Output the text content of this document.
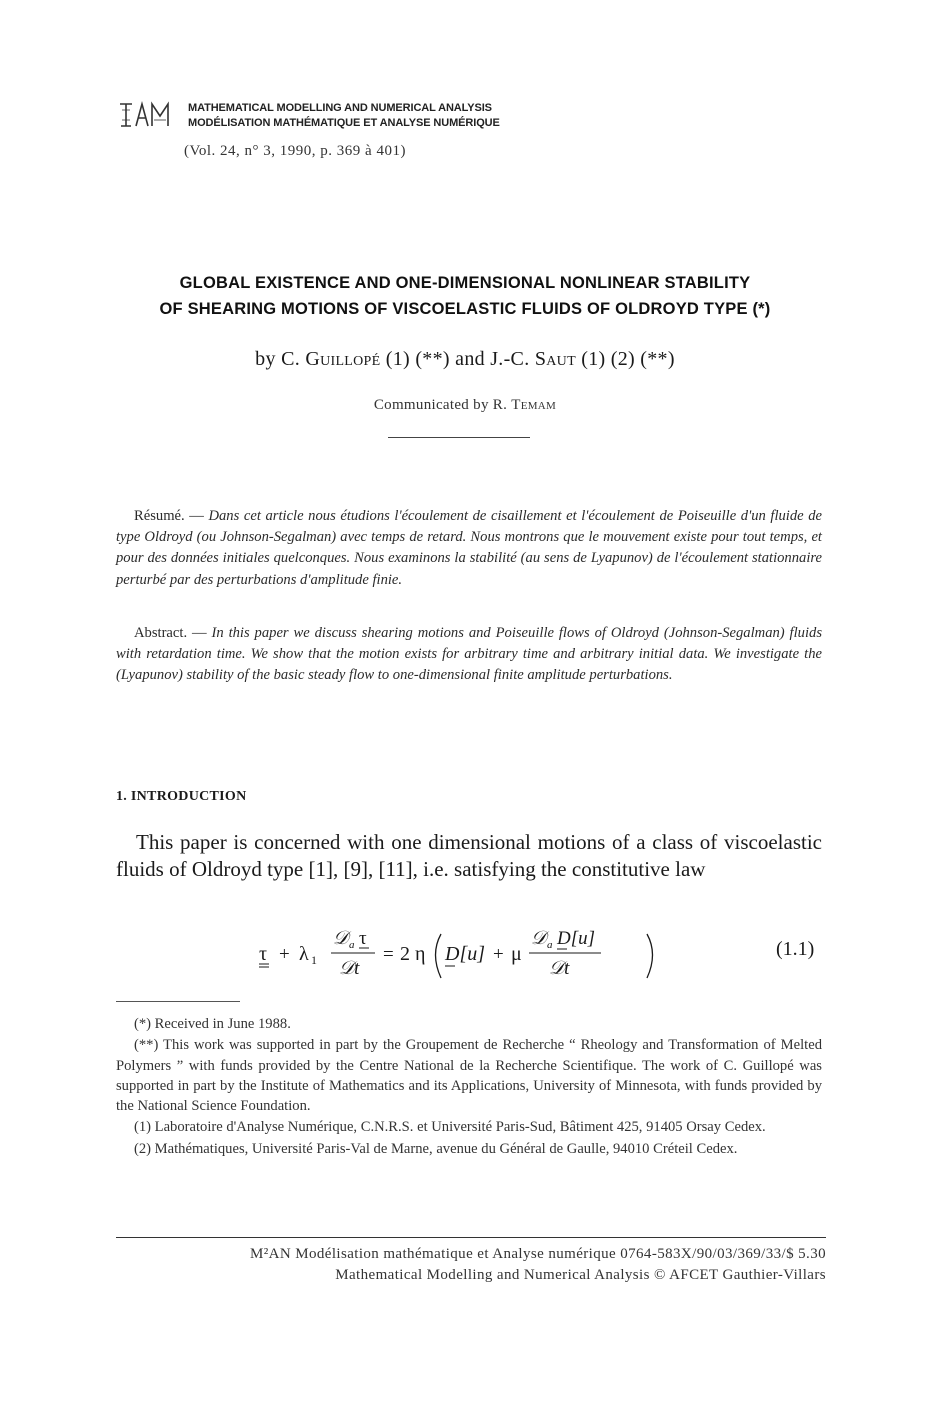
MATHEMATICAL MODELLING AND NUMERICAL ANALYSIS
MODÉLISATION MATHÉMATIQUE ET ANALYSE NUMÉRIQUE
(Vol. 24, n° 3, 1990, p. 369 à 401)
GLOBAL EXISTENCE AND ONE-DIMENSIONAL NONLINEAR STABILITY
OF SHEARING MOTIONS OF VISCOELASTIC FLUIDS OF OLDROYD TYPE (*)
by C. Guillopé (1) (**) and J.-C. Saut (1) (2) (**)
Communicated by R. Temam
Résumé. — Dans cet article nous étudions l'écoulement de cisaillement et l'écoulement de Poiseuille d'un fluide de type Oldroyd (ou Johnson-Segalman) avec temps de retard. Nous montrons que le mouvement existe pour tout temps, et pour des données initiales quelconques. Nous examinons la stabilité (au sens de Lyapunov) de l'écoulement stationnaire perturbé par des perturbations d'amplitude finie.
Abstract. — In this paper we discuss shearing motions and Poiseuille flows of Oldroyd (Johnson-Segalman) fluids with retardation time. We show that the motion exists for arbitrary time and arbitrary initial data. We investigate the (Lyapunov) stability of the basic steady flow to one-dimensional finite amplitude perturbations.
1. INTRODUCTION
This paper is concerned with one dimensional motions of a class of viscoelastic fluids of Oldroyd type [1], [9], [11], i.e. satisfying the constitutive law
τ + λ 1
𝒟 a τ
𝒟t
= 2 η D[u] + μ
𝒟 a D[u]
𝒟t
(1.1)

(*) Received in June 1988.

(**) This work was supported in part by the Groupement de Recherche “ Rheology and Transformation of Melted Polymers ” with funds provided by the Centre National de la Recherche Scientifique. The work of C. Guillopé was supported in part by the Institute of Mathematics and its Applications, University of Minnesota, with funds provided by the National Science Foundation.

(1) Laboratoire d'Analyse Numérique, C.N.R.S. et Université Paris-Sud, Bâtiment 425, 91405 Orsay Cedex.

(2) Mathématiques, Université Paris-Val de Marne, avenue du Général de Gaulle, 94010 Créteil Cedex.

M²AN Modélisation mathématique et Analyse numérique 0764-583X/90/03/369/33/$ 5.30
Mathematical Modelling and Numerical Analysis © AFCET Gauthier-Villars
